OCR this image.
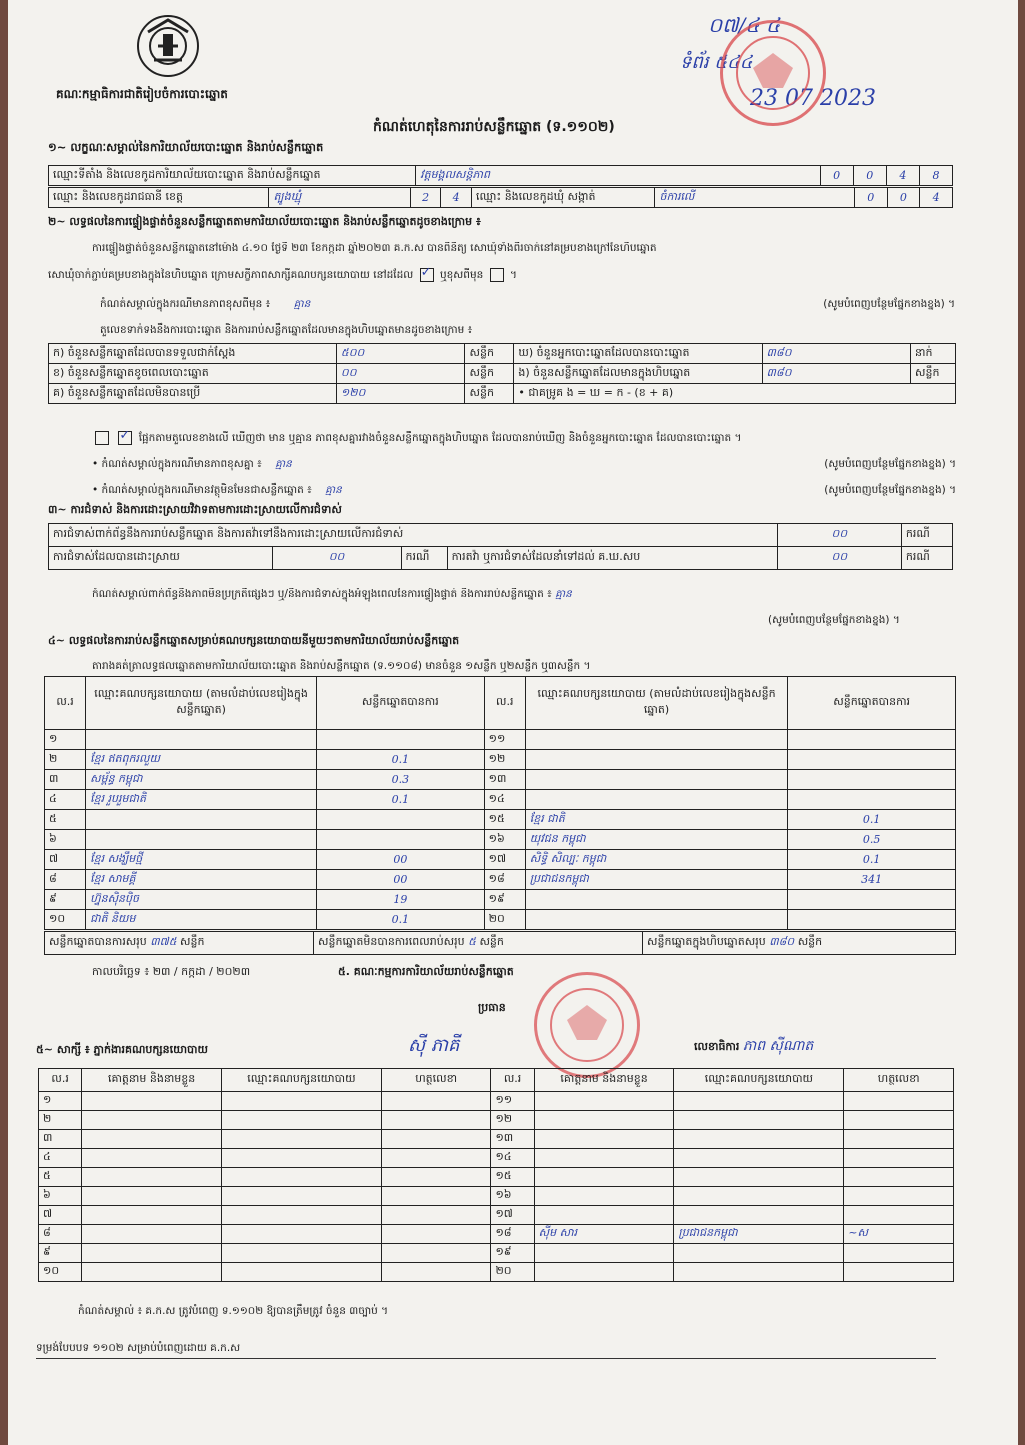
គណៈកម្មាធិការជាតិរៀបចំការបោះឆ្នោត
កំណត់ហេតុនៃការរាប់សន្លឹកឆ្នោត (ទ.១១០២)
០៧/៤ ៤
ទំព័រ ៥៤៤
23 07 2023
១~ លក្ខណៈសម្គាល់នៃការិយាល័យបោះឆ្នោត និងរាប់សន្លឹកឆ្នោត
ឈ្មោះទីតាំង និងលេខកូដការិយាល័យបោះឆ្នោត និងរាប់សន្លឹកឆ្នោត	វត្តមង្គលសន្តិភាព	0	0	4	8
ឈ្មោះ និងលេខកូដរាជធានី ខេត្ត	ត្បូងឃ្មុំ	2	4	ឈ្មោះ និងលេខកូដឃុំ សង្កាត់	ចំការលើ	0	0	4
២~ លទ្ធផលនៃការផ្ទៀងផ្ទាត់ចំនួនសន្លឹកឆ្នោតតាមការិយាល័យបោះឆ្នោត និងរាប់សន្លឹកឆ្នោតដូចខាងក្រោម ៖
ការផ្ទៀងផ្ទាត់ចំនួនសន្លឹកឆ្នោតនៅម៉ោង ៤.១០ ថ្ងៃទី ២៣ ខែកក្កដា ឆ្នាំ២០២៣ គ.ក.ស បានពិនិត្យ សោឃុំទាំងពីរចាក់នៅគម្របខាងក្រៅនៃហិបឆ្នោត
សោឃុំចាក់ភ្ជាប់គម្របខាងក្នុងនៃហិបឆ្នោត ក្រោមសក្ខីភាពសាក្សីគណបក្សនយោបាយ នៅដដែល ✓	ឬខុសពីមុន  ។
កំណត់សម្គាល់ក្នុងករណីមានភាពខុសពីមុន ៖ គ្មាន	(សូមបំពេញបន្ថែមផ្នែកខាងខ្នង) ។
តួលេខទាក់ទងនឹងការបោះឆ្នោត និងការរាប់សន្លឹកឆ្នោតដែលមានក្នុងហិបឆ្នោតមានដូចខាងក្រោម ៖
ក) ចំនួនសន្លឹកឆ្នោតដែលបានទទួលជាក់ស្តែង	៥០០	សន្លឹក	ឃ) ចំនួនអ្នកបោះឆ្នោតដែលបានបោះឆ្នោត	៣៨០	នាក់
ខ) ចំនួនសន្លឹកឆ្នោតខូចពេលបោះឆ្នោត	០០	សន្លឹក	ង) ចំនួនសន្លឹកឆ្នោតដែលមានក្នុងហិបឆ្នោត	៣៨០	សន្លឹក
គ) ចំនួនសន្លឹកឆ្នោតដែលមិនបានប្រើ	១២០	សន្លឹក	• ជាគម្រូគ ង = ឃ = ក - (ខ + គ)		
✓ ផ្អែកតាមតួលេខខាងលើ ឃើញថា មាន ឬគ្មាន ភាពខុសគ្នារវាងចំនួនសន្លឹកឆ្នោតក្នុងហិបឆ្នោត ដែលបានរាប់ឃើញ និងចំនួនអ្នកបោះឆ្នោត ដែលបានបោះឆ្នោត ។
• កំណត់សម្គាល់ក្នុងករណីមានភាពខុសគ្នា ៖ គ្មាន	(សូមបំពេញបន្ថែមផ្នែកខាងខ្នង) ។
• កំណត់សម្គាល់ក្នុងករណីមានវត្ថុមិនមែនជាសន្លឹកឆ្នោត ៖ គ្មាន	(សូមបំពេញបន្ថែមផ្នែកខាងខ្នង) ។
៣~ ការជំទាស់ និងការដោះស្រាយវិវាទតាមការដោះស្រាយលើការជំទាស់
ការជំទាស់ពាក់ព័ន្ធនឹងការរាប់សន្លឹកឆ្នោត និងការតវ៉ាទៅនឹងការដោះស្រាយលើការជំទាស់				០០	ករណី
ការជំទាស់ដែលបានដោះស្រាយ	០០	ករណី	ការតវ៉ា ឬការជំទាស់ដែលនាំទៅដល់ គ.ឃ.សប	០០	ករណី
កំណត់សម្គាល់ពាក់ព័ន្ធនឹងភាពមិនប្រក្រតីផ្សេងៗ ឬ/និងការជំទាស់ក្នុងអំឡុងពេលនៃការផ្ទៀងផ្ទាត់ និងការរាប់សន្លឹកឆ្នោត ៖ គ្មាន
(សូមបំពេញបន្ថែមផ្នែកខាងខ្នង) ។
៤~ លទ្ធផលនៃការរាប់សន្លឹកឆ្នោតសម្រាប់គណបក្សនយោបាយនីមួយៗតាមការិយាល័យរាប់សន្លឹកឆ្នោត
តារាងគត់ត្រាលទ្ធផលឆ្នោតតាមការិយាល័យបោះឆ្នោត និងរាប់សន្លឹកឆ្នោត (ទ.១១០៨) មានចំនួន ១សន្លឹក ឬ២សន្លឹក ឬ៣សន្លឹក ។
ល.រ	ឈ្មោះគណបក្សនយោបាយ (តាមលំដាប់លេខរៀងក្នុងសន្លឹកឆ្នោត)	សន្លឹកឆ្នោតបានការ	ល.រ	ឈ្មោះគណបក្សនយោបាយ (តាមលំដាប់លេខរៀងក្នុងសន្លឹកឆ្នោត)	សន្លឹកឆ្នោតបានការ
១			១១		
២	ខ្មែរ ឥតពុករលួយ	0.1	១២		
៣	សម្ព័ន្ធ កម្ពុជា	0.3	១៣		
៤	ខ្មែរ រួបរួមជាតិ	0.1	១៤		
៥			១៥	ខ្មែរ ជាតិ	0.1
៦			១៦	យុវជន កម្ពុជា	0.5
៧	ខ្មែរ សង្ឃឹមថ្មី	00	១៧	សិទ្ធិ សិល្បៈ កម្ពុជា	0.1
៨	ខ្មែរ សាមគ្គី	00	១៨	ប្រជាជនកម្ពុជា	341
៩	ហ្វ៊ុនស៊ិនប៉ិច	19	១៩		
១០	ជាតិ និយម	0.1	២០		
សន្លឹកឆ្នោតបានការសរុប ៣៧៥ សន្លឹក	សន្លឹកឆ្នោតមិនបានការពេលរាប់សរុប ៥ សន្លឹក	សន្លឹកឆ្នោតក្នុងហិបឆ្នោតសរុប ៣៨០ សន្លឹក
កាលបរិច្ឆេទ ៖ ២៣ / កក្កដា / ២០២៣	៥. គណៈកម្មការការិយាល័យរាប់សន្លឹកឆ្នោត
ប្រធាន
ស៊ី ភាគី	លេខាធិការ ភាព ស៊ីណាត
៥~ សាក្សី ៖ ភ្នាក់ងារគណបក្សនយោបាយ
ល.រ	គោត្តនាម និងនាមខ្លួន	ឈ្មោះគណបក្សនយោបាយ	ហត្ថលេខា	ល.រ	គោត្តនាម និងនាមខ្លួន	ឈ្មោះគណបក្សនយោបាយ	ហត្ថលេខា
១				១១			
២				១២			
៣				១៣			
៤				១៤			
៥				១៥			
៦				១៦			
៧				១៧			
៨				១៨	ស៊ីម សារ	ប្រជាជនកម្ពុជា	~ស
៩				១៩			
១០				២០			
កំណត់សម្គាល់ ៖ គ.ក.ស ត្រូវបំពេញ ទ.១១០២ ឱ្យបានត្រឹមត្រូវ ចំនួន ៣ច្បាប់ ។
ទម្រង់បែបបទ ១១០២ សម្រាប់បំពេញដោយ គ.ក.ស
